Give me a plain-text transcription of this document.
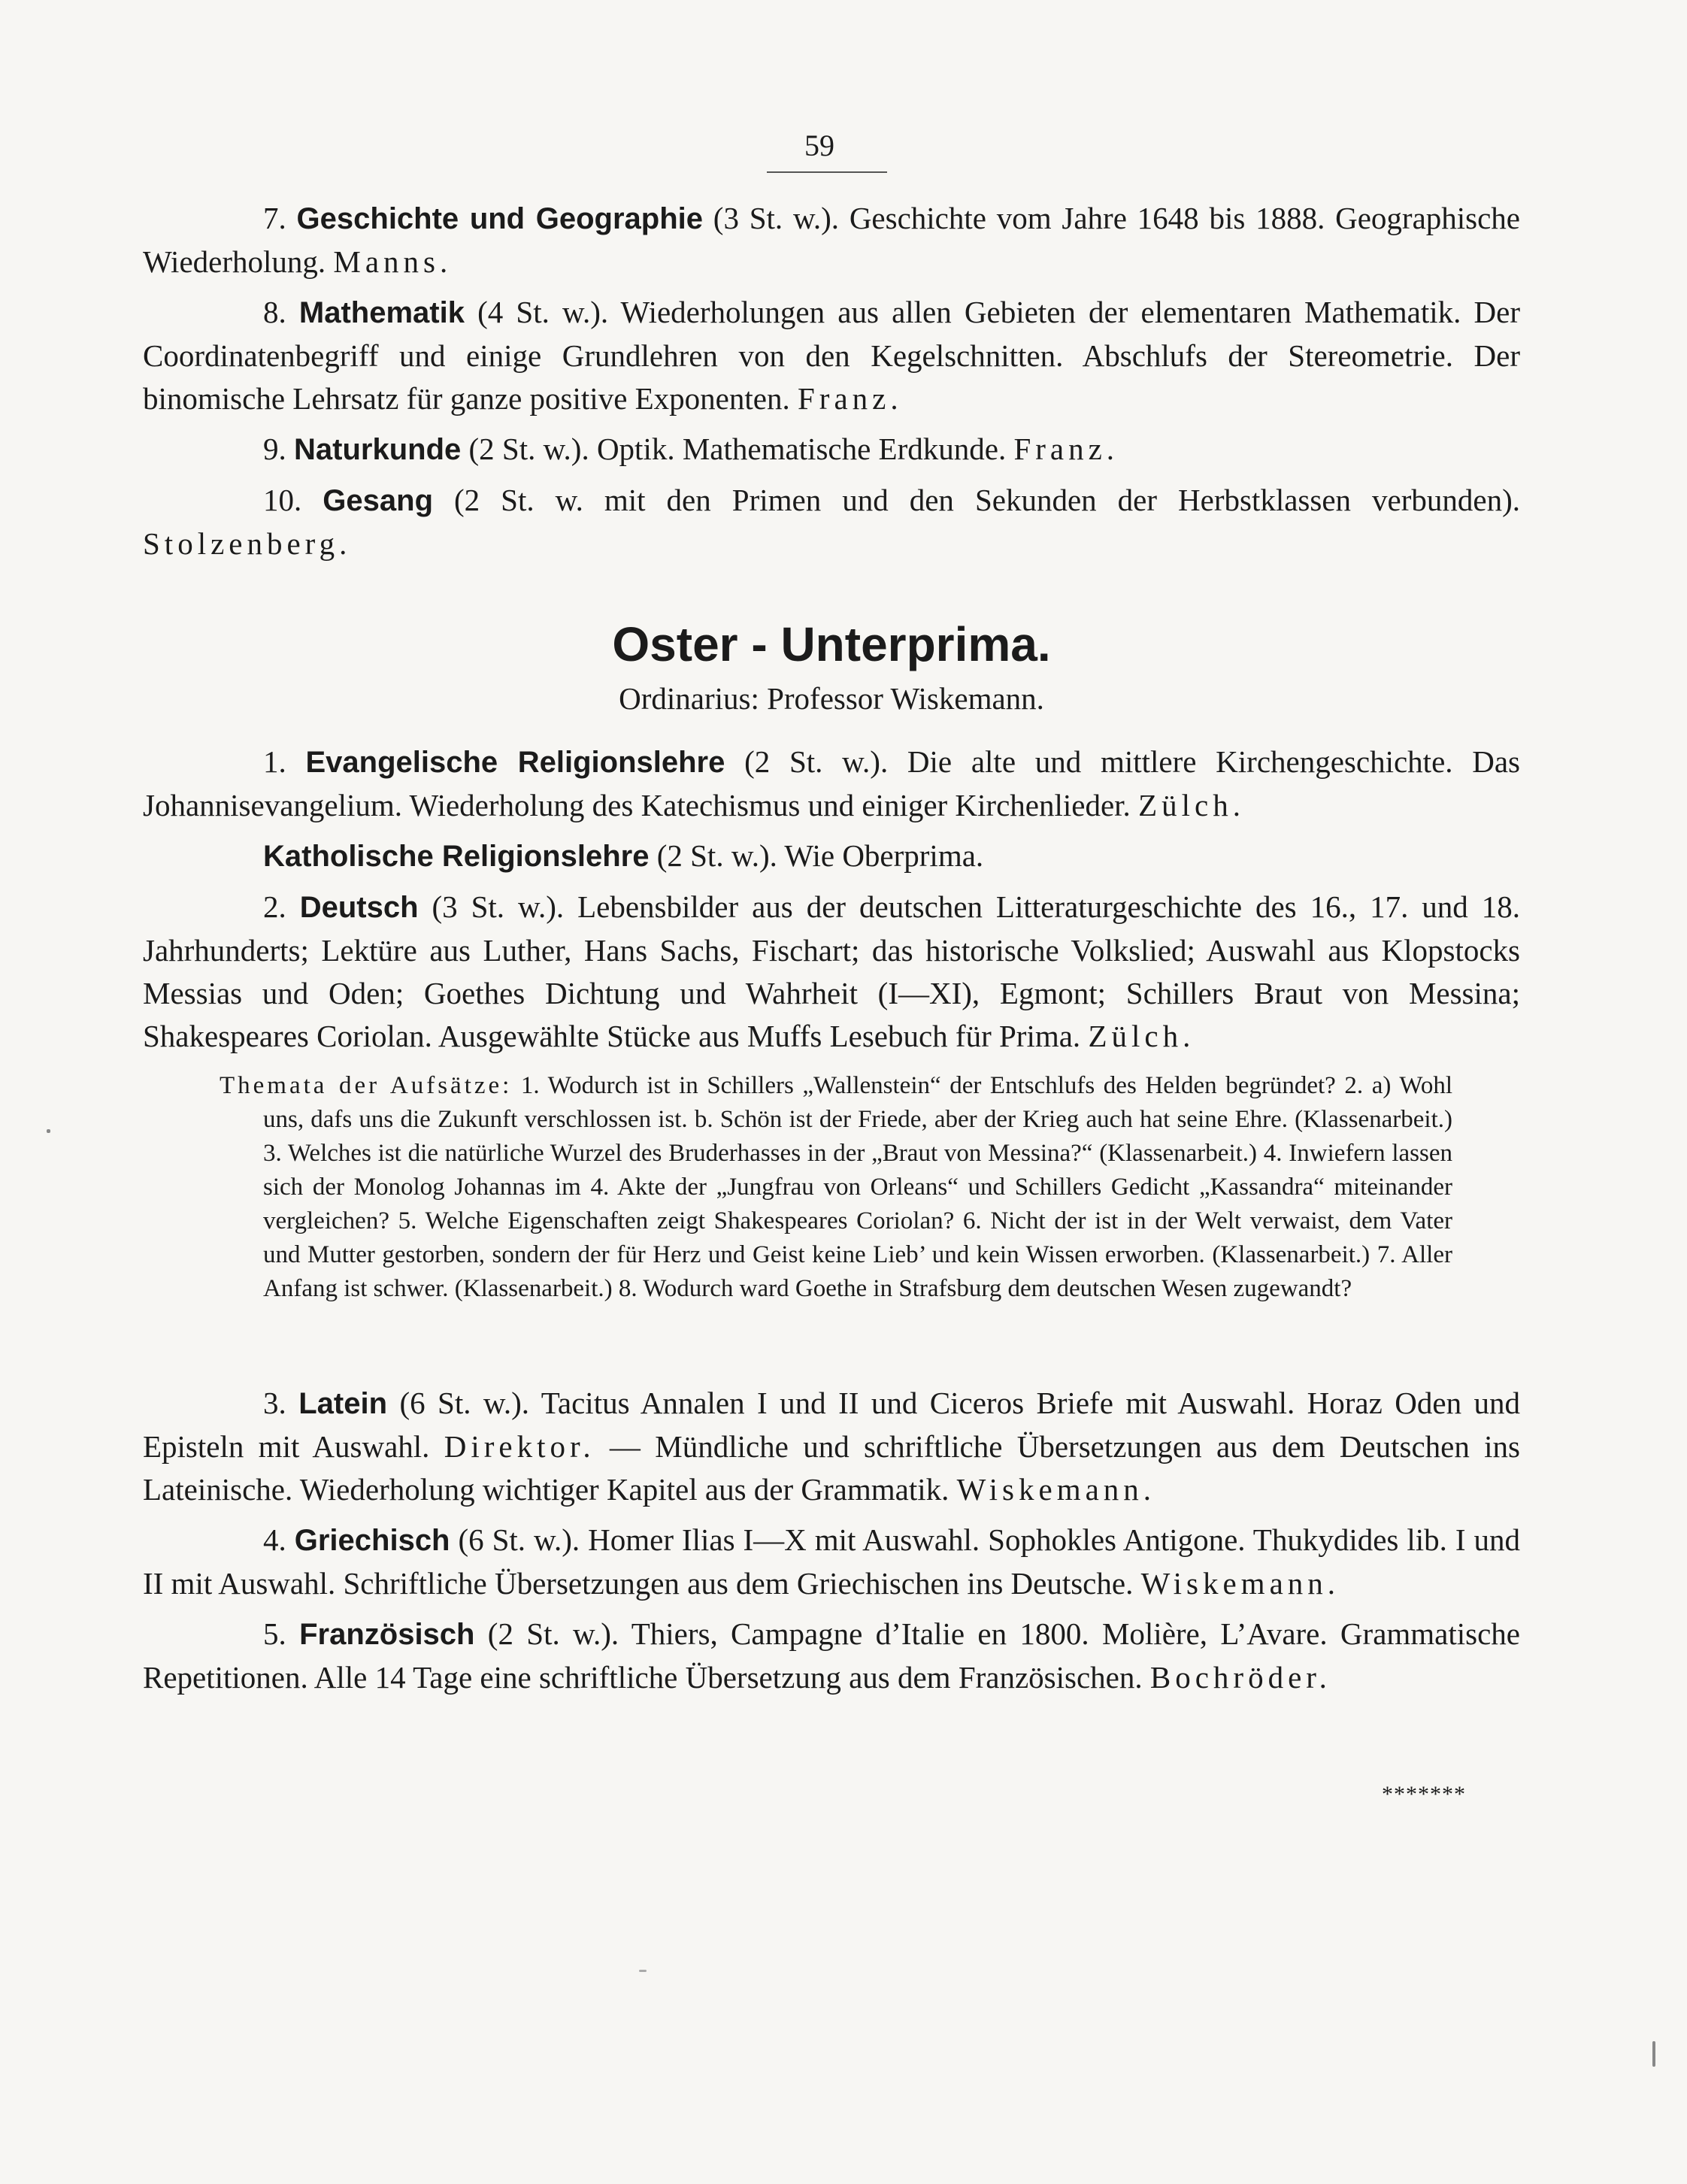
59

7. Geschichte und Geographie (3 St. w.). Geschichte vom Jahre 1648 bis 1888. Geographische Wiederholung. Manns.

8. Mathematik (4 St. w.). Wiederholungen aus allen Gebieten der elementaren Mathematik. Der Coordinatenbegriff und einige Grundlehren von den Kegelschnitten. Abschlufs der Stereometrie. Der binomische Lehrsatz für ganze positive Exponenten. Franz.

9. Naturkunde (2 St. w.). Optik. Mathematische Erdkunde. Franz.

10. Gesang (2 St. w. mit den Primen und den Sekunden der Herbstklassen verbunden). Stolzenberg.

Oster - Unterprima.
Ordinarius: Professor Wiskemann.

1. Evangelische Religionslehre (2 St. w.). Die alte und mittlere Kirchengeschichte. Das Johannisevangelium. Wiederholung des Katechismus und einiger Kirchenlieder. Zülch.

Katholische Religionslehre (2 St. w.). Wie Oberprima.

2. Deutsch (3 St. w.). Lebensbilder aus der deutschen Litteraturgeschichte des 16., 17. und 18. Jahrhunderts; Lektüre aus Luther, Hans Sachs, Fischart; das historische Volkslied; Auswahl aus Klopstocks Messias und Oden; Goethes Dichtung und Wahrheit (I—XI), Egmont; Schillers Braut von Messina; Shakespeares Coriolan. Ausgewählte Stücke aus Muffs Lesebuch für Prima. Zülch.

Themata der Aufsätze: 1. Wodurch ist in Schillers „Wallenstein“ der Entschlufs des Helden begründet? 2. a) Wohl uns, dafs uns die Zukunft verschlossen ist. b. Schön ist der Friede, aber der Krieg auch hat seine Ehre. (Klassenarbeit.) 3. Welches ist die natürliche Wurzel des Bruderhasses in der „Braut von Messina?“ (Klassenarbeit.) 4. Inwiefern lassen sich der Monolog Johannas im 4. Akte der „Jungfrau von Orleans“ und Schillers Gedicht „Kassandra“ miteinander vergleichen? 5. Welche Eigenschaften zeigt Shakespeares Coriolan? 6. Nicht der ist in der Welt verwaist, dem Vater und Mutter gestorben, sondern der für Herz und Geist keine Lieb’ und kein Wissen erworben. (Klassenarbeit.) 7. Aller Anfang ist schwer. (Klassenarbeit.) 8. Wodurch ward Goethe in Strafsburg dem deutschen Wesen zugewandt?

3. Latein (6 St. w.). Tacitus Annalen I und II und Ciceros Briefe mit Auswahl. Horaz Oden und Episteln mit Auswahl. Direktor. — Mündliche und schriftliche Übersetzungen aus dem Deutschen ins Lateinische. Wiederholung wichtiger Kapitel aus der Grammatik. Wiskemann.

4. Griechisch (6 St. w.). Homer Ilias I—X mit Auswahl. Sophokles Antigone. Thukydides lib. I und II mit Auswahl. Schriftliche Übersetzungen aus dem Griechischen ins Deutsche. Wiskemann.

5. Französisch (2 St. w.). Thiers, Campagne d’Italie en 1800. Molière, L’Avare. Grammatische Repetitionen. Alle 14 Tage eine schriftliche Übersetzung aus dem Französischen. Bochröder.

*******
